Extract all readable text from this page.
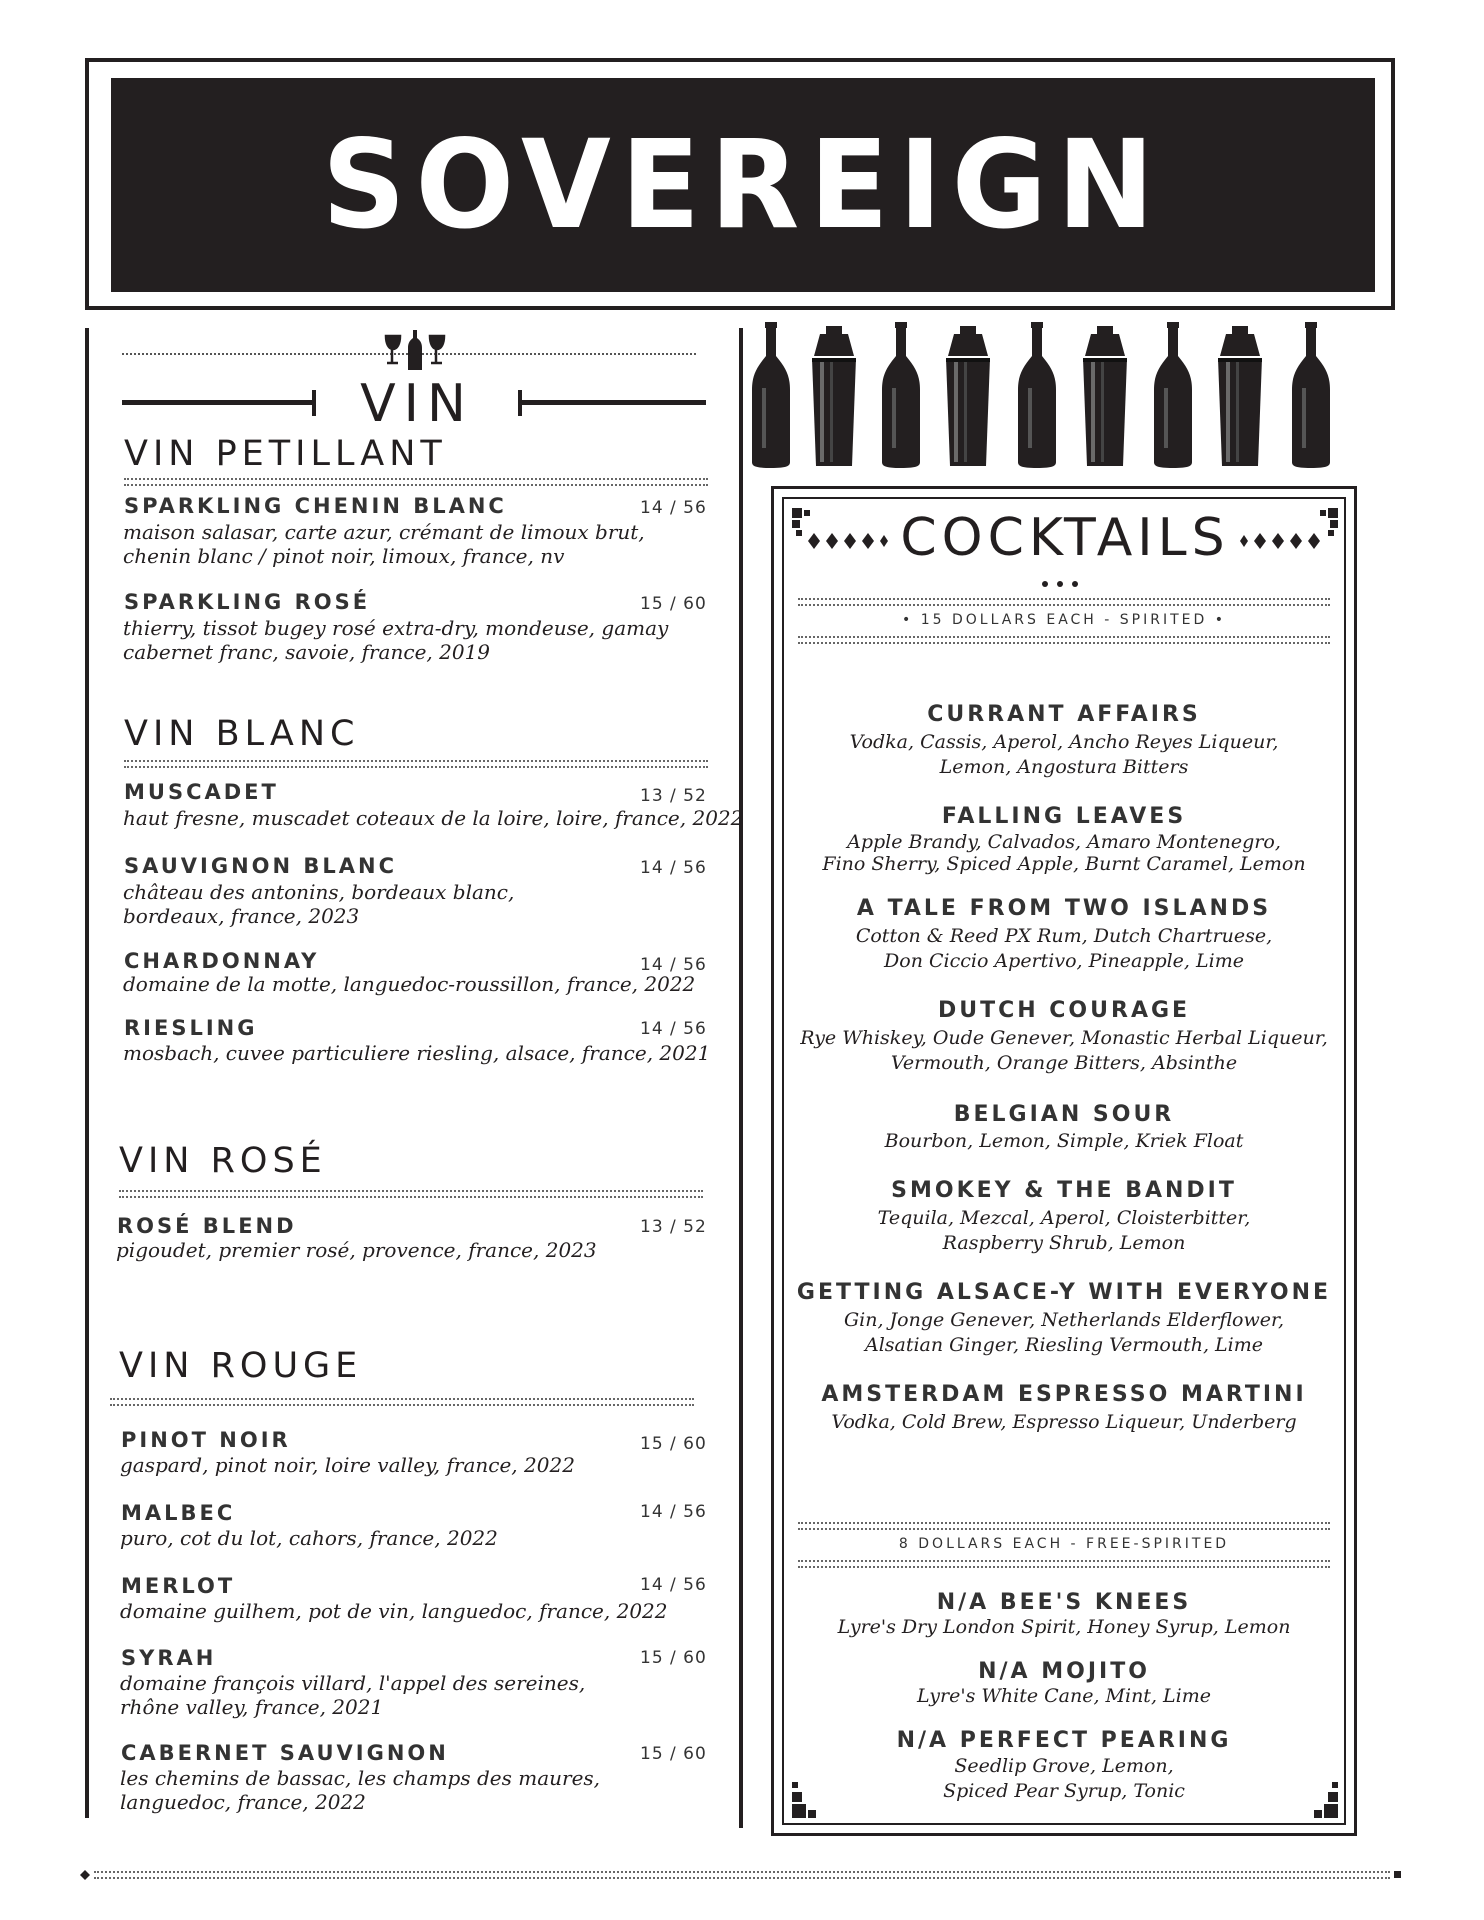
SOVEREIGN
VIN
VIN PETILLANT
SPARKLING CHENIN BLANC	14 / 56
maison salasar, carte azur, crémant de limoux brut,
chenin blanc / pinot noir, limoux, france, nv
SPARKLING ROSÉ	15 / 60
thierry, tissot bugey rosé extra-dry, mondeuse, gamay
cabernet franc, savoie, france, 2019
VIN BLANC
MUSCADET	13 / 52
haut fresne, muscadet coteaux de la loire, loire, france, 2022
SAUVIGNON BLANC	14 / 56
château des antonins, bordeaux blanc,
bordeaux, france, 2023
CHARDONNAY	14 / 56
domaine de la motte, languedoc-roussillon, france, 2022
RIESLING	14 / 56
mosbach, cuvee particuliere riesling, alsace, france, 2021
VIN ROSÉ
ROSÉ BLEND	13 / 52
pigoudet, premier rosé, provence, france, 2023
VIN ROUGE
PINOT NOIR	15 / 60
gaspard, pinot noir, loire valley, france, 2022
MALBEC	14 / 56
puro, cot du lot, cahors, france, 2022
MERLOT	14 / 56
domaine guilhem, pot de vin, languedoc, france, 2022
SYRAH	15 / 60
domaine françois villard, l'appel des sereines,
rhône valley, france, 2021
CABERNET SAUVIGNON	15 / 60
les chemins de bassac, les champs des maures,
languedoc, france, 2022
COCKTAILS
• 15 DOLLARS EACH - SPIRITED •
CURRANT AFFAIRS
Vodka, Cassis, Aperol, Ancho Reyes Liqueur,
Lemon, Angostura Bitters
FALLING LEAVES
Apple Brandy, Calvados, Amaro Montenegro,
Fino Sherry, Spiced Apple, Burnt Caramel, Lemon
A TALE FROM TWO ISLANDS
Cotton & Reed PX Rum, Dutch Chartruese,
Don Ciccio Apertivo, Pineapple, Lime
DUTCH COURAGE
Rye Whiskey, Oude Genever, Monastic Herbal Liqueur,
Vermouth, Orange Bitters, Absinthe
BELGIAN SOUR
Bourbon, Lemon, Simple, Kriek Float
SMOKEY & THE BANDIT
Tequila, Mezcal, Aperol, Cloisterbitter,
Raspberry Shrub, Lemon
GETTING ALSACE-Y WITH EVERYONE
Gin, Jonge Genever, Netherlands Elderflower,
Alsatian Ginger, Riesling Vermouth, Lime
AMSTERDAM ESPRESSO MARTINI
Vodka, Cold Brew, Espresso Liqueur, Underberg
8 DOLLARS EACH - FREE-SPIRITED
N/A BEE'S KNEES
Lyre's Dry London Spirit, Honey Syrup, Lemon
N/A MOJITO
Lyre's White Cane, Mint, Lime
N/A PERFECT PEARING
Seedlip Grove, Lemon,
Spiced Pear Syrup, Tonic
